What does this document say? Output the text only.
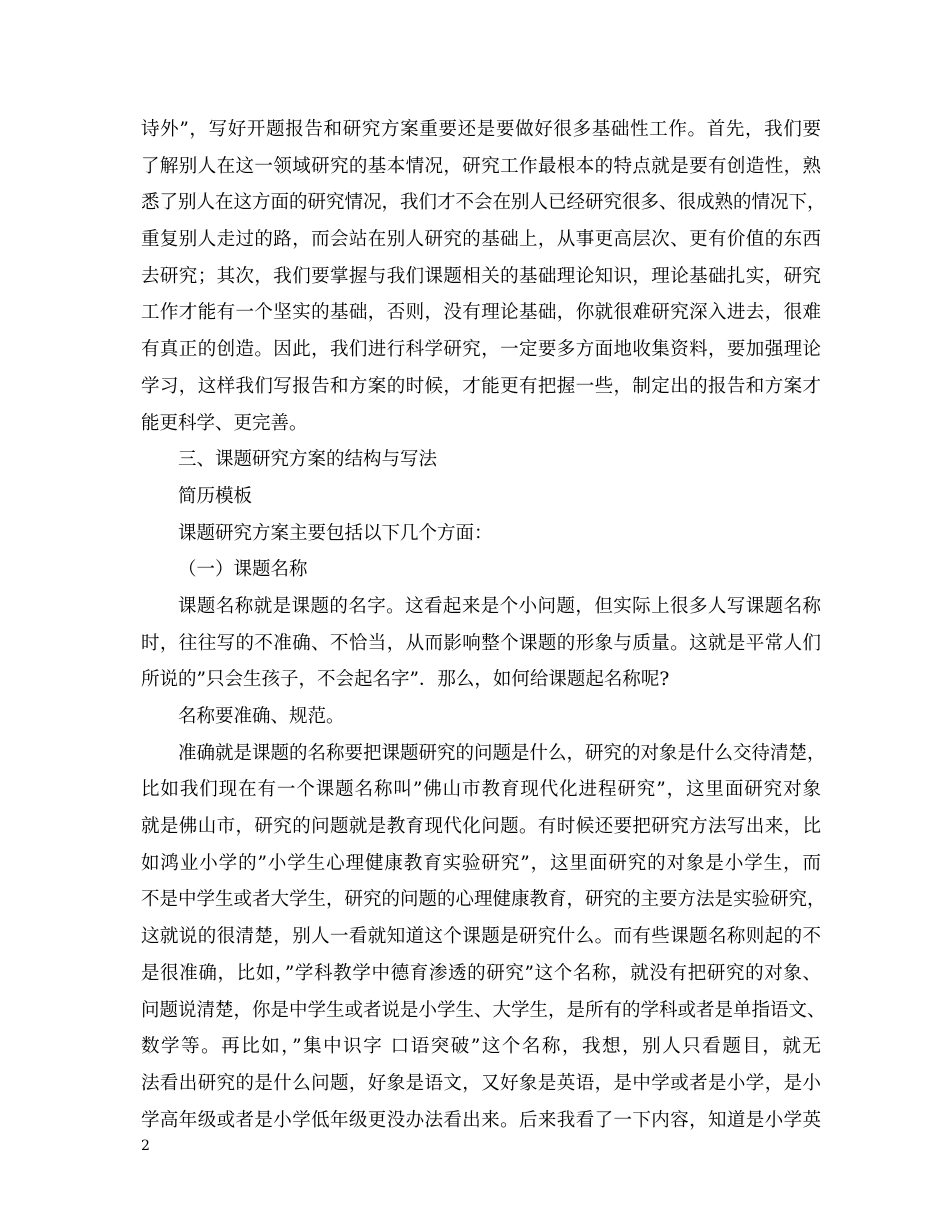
诗外”，写好开题报告和研究方案重要还是要做好很多基础性工作。首先，我们要
了解别人在这一领域研究的基本情况，研究工作最根本的特点就是要有创造性，熟
悉了别人在这方面的研究情况，我们才不会在别人已经研究很多、很成熟的情况下，
重复别人走过的路，而会站在别人研究的基础上，从事更高层次、更有价值的东西
去研究；其次，我们要掌握与我们课题相关的基础理论知识，理论基础扎实，研究
工作才能有一个坚实的基础，否则，没有理论基础，你就很难研究深入进去，很难
有真正的创造。因此，我们进行科学研究，一定要多方面地收集资料，要加强理论
学习，这样我们写报告和方案的时候，才能更有把握一些，制定出的报告和方案才
能更科学、更完善。
三、课题研究方案的结构与写法
简历模板
课题研究方案主要包括以下几个方面：
（一）课题名称
课题名称就是课题的名字。这看起来是个小问题，但实际上很多人写课题名称
时，往往写的不准确、不恰当，从而影响整个课题的形象与质量。这就是平常人们
所说的”只会生孩子，不会起名字”．那么，如何给课题起名称呢?
名称要准确、规范。
准确就是课题的名称要把课题研究的问题是什么，研究的对象是什么交待清楚，
比如我们现在有一个课题名称叫”佛山市教育现代化进程研究”，这里面研究对象
就是佛山市，研究的问题就是教育现代化问题。有时候还要把研究方法写出来，比
如鸿业小学的”小学生心理健康教育实验研究”，这里面研究的对象是小学生，而
不是中学生或者大学生，研究的问题的心理健康教育，研究的主要方法是实验研究，
这就说的很清楚，别人一看就知道这个课题是研究什么。而有些课题名称则起的不
是很准确，比如，”学科教学中德育渗透的研究”这个名称，就没有把研究的对象、
问题说清楚，你是中学生或者说是小学生、大学生，是所有的学科或者是单指语文、
数学等。再比如，”集中识字 口语突破”这个名称，我想，别人只看题目，就无
法看出研究的是什么问题，好象是语文，又好象是英语，是中学或者是小学，是小
学高年级或者是小学低年级更没办法看出来。后来我看了一下内容，知道是小学英
2
